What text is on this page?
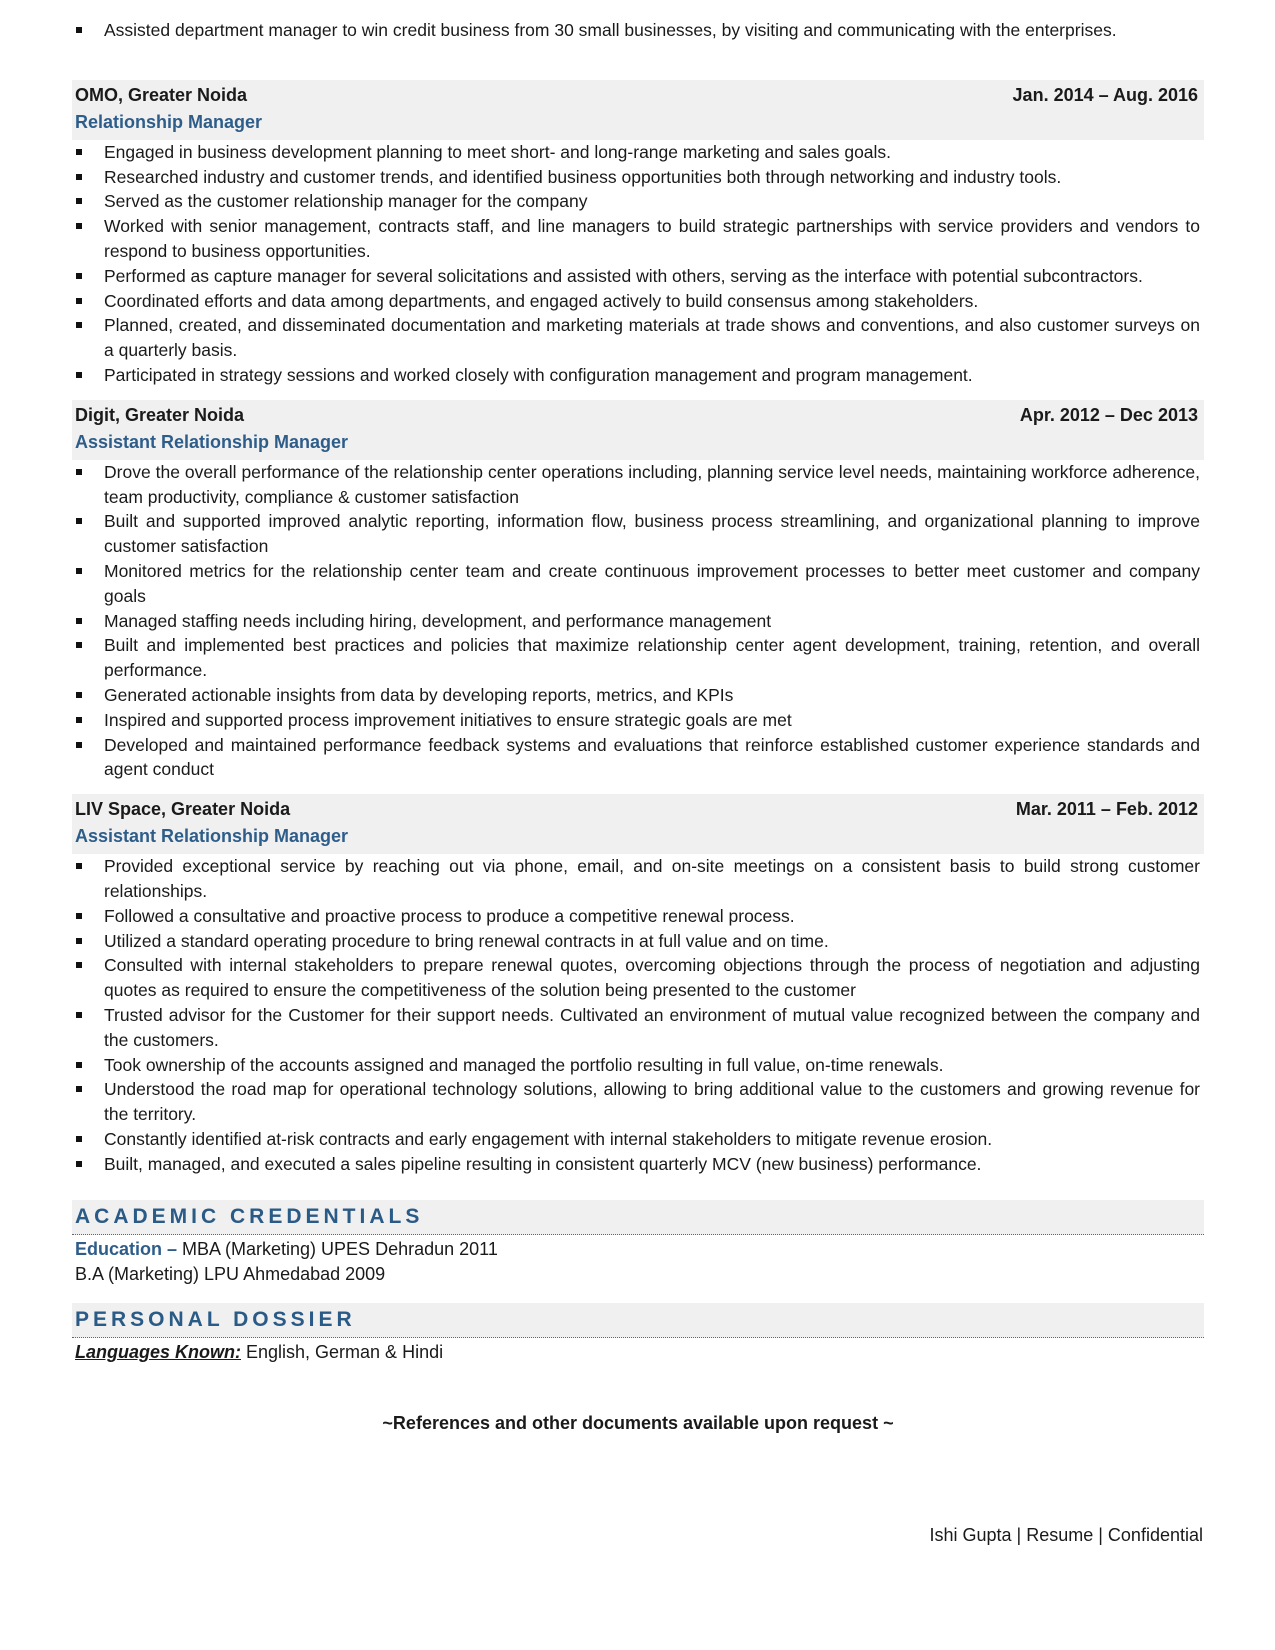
Assisted department manager to win credit business from 30 small businesses, by visiting and communicating with the enterprises.
OMO, Greater Noida	Jan. 2014 – Aug. 2016
Relationship Manager
Engaged in business development planning to meet short- and long-range marketing and sales goals.
Researched industry and customer trends, and identified business opportunities both through networking and industry tools.
Served as the customer relationship manager for the company
Worked with senior management, contracts staff, and line managers to build strategic partnerships with service providers and vendors to respond to business opportunities.
Performed as capture manager for several solicitations and assisted with others, serving as the interface with potential subcontractors.
Coordinated efforts and data among departments, and engaged actively to build consensus among stakeholders.
Planned, created, and disseminated documentation and marketing materials at trade shows and conventions, and also customer surveys on a quarterly basis.
Participated in strategy sessions and worked closely with configuration management and program management.
Digit, Greater Noida	Apr. 2012 – Dec 2013
Assistant Relationship Manager
Drove the overall performance of the relationship center operations including, planning service level needs, maintaining workforce adherence, team productivity, compliance & customer satisfaction
Built and supported improved analytic reporting, information flow, business process streamlining, and organizational planning to improve customer satisfaction
Monitored metrics for the relationship center team and create continuous improvement processes to better meet customer and company goals
Managed staffing needs including hiring, development, and performance management
Built and implemented best practices and policies that maximize relationship center agent development, training, retention, and overall performance.
Generated actionable insights from data by developing reports, metrics, and KPIs
Inspired and supported process improvement initiatives to ensure strategic goals are met
Developed and maintained performance feedback systems and evaluations that reinforce established customer experience standards and agent conduct
LIV Space, Greater Noida	Mar. 2011 – Feb. 2012
Assistant Relationship Manager
Provided exceptional service by reaching out via phone, email, and on-site meetings on a consistent basis to build strong customer relationships.
Followed a consultative and proactive process to produce a competitive renewal process.
Utilized a standard operating procedure to bring renewal contracts in at full value and on time.
Consulted with internal stakeholders to prepare renewal quotes, overcoming objections through the process of negotiation and adjusting quotes as required to ensure the competitiveness of the solution being presented to the customer
Trusted advisor for the Customer for their support needs. Cultivated an environment of mutual value recognized between the company and the customers.
Took ownership of the accounts assigned and managed the portfolio resulting in full value, on-time renewals.
Understood the road map for operational technology solutions, allowing to bring additional value to the customers and growing revenue for the territory.
Constantly identified at-risk contracts and early engagement with internal stakeholders to mitigate revenue erosion.
Built, managed, and executed a sales pipeline resulting in consistent quarterly MCV (new business) performance.
ACADEMIC CREDENTIALS
Education – MBA (Marketing) UPES Dehradun 2011
B.A (Marketing) LPU Ahmedabad 2009
PERSONAL DOSSIER
Languages Known: English, German & Hindi
~References and other documents available upon request ~
Ishi Gupta | Resume | Confidential
